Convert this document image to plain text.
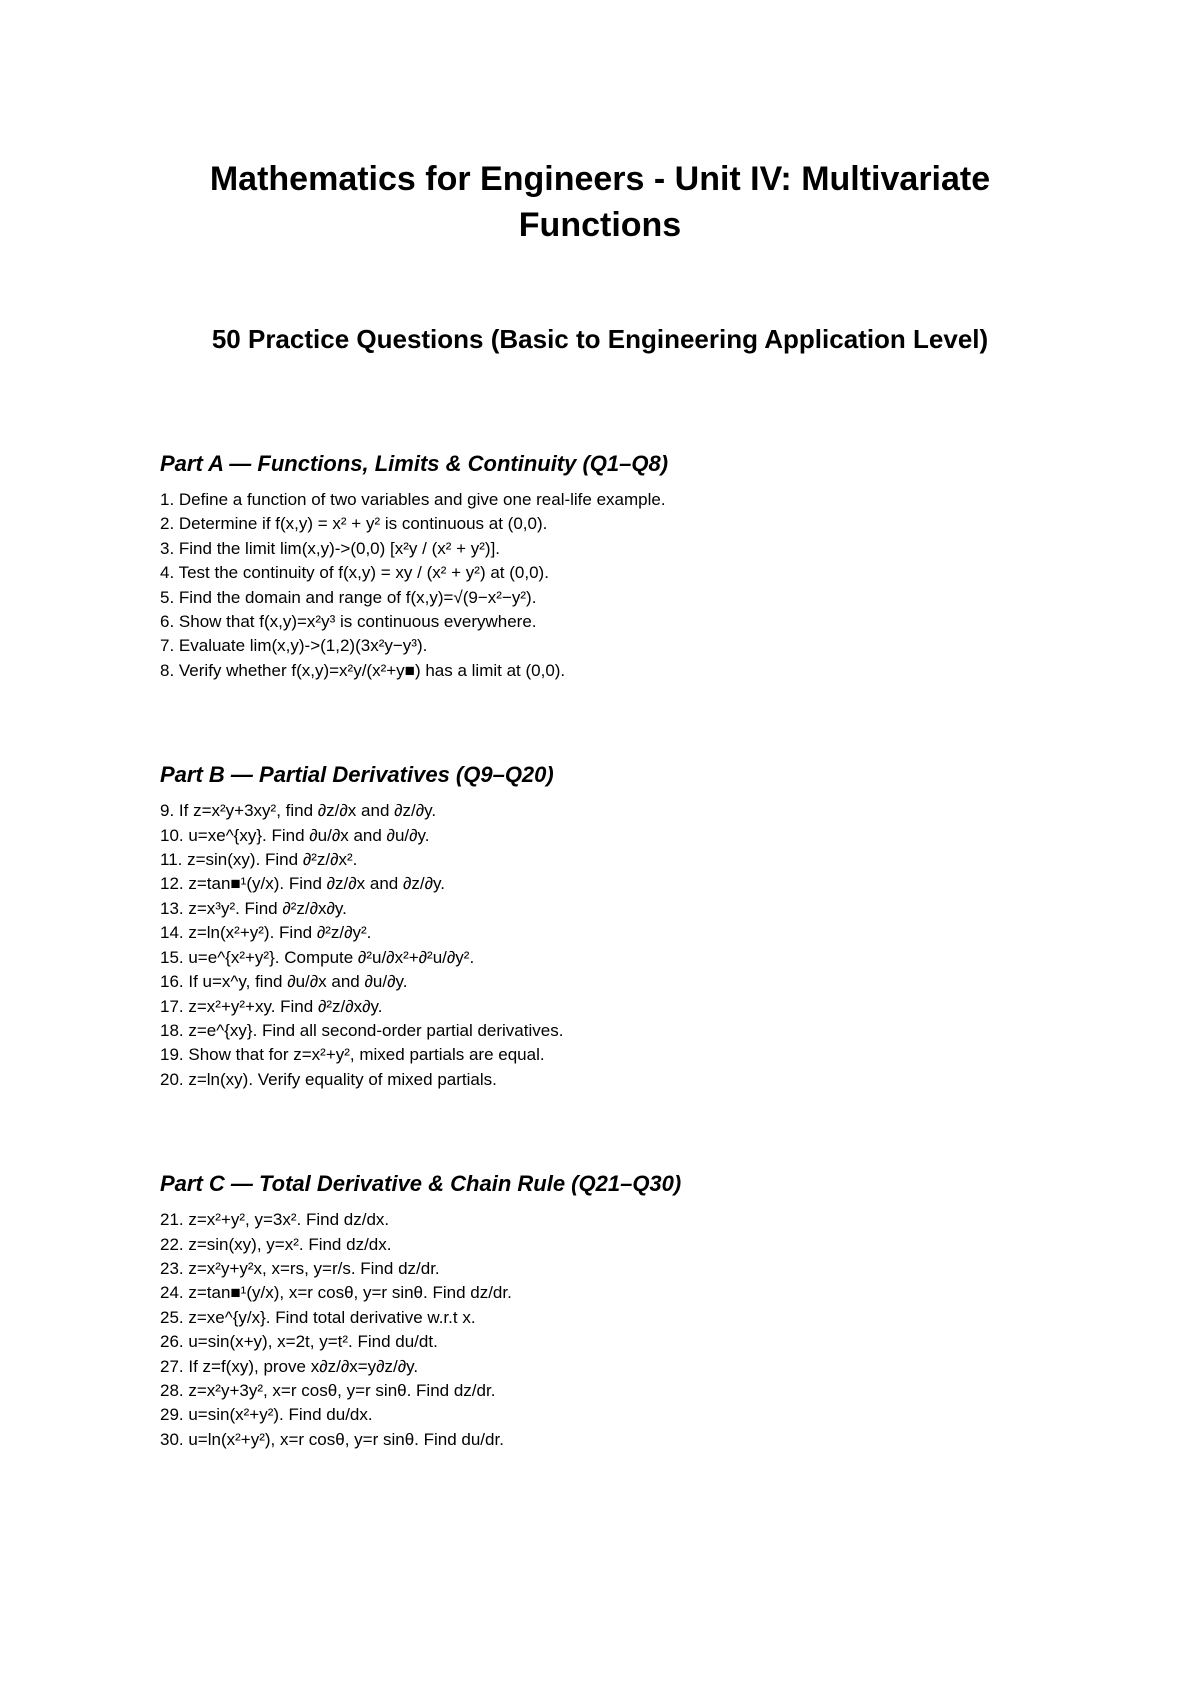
Mathematics for Engineers - Unit IV: Multivariate Functions
50 Practice Questions (Basic to Engineering Application Level)
Part A — Functions, Limits & Continuity (Q1–Q8)
1. Define a function of two variables and give one real-life example.
2. Determine if f(x,y) = x² + y² is continuous at (0,0).
3. Find the limit lim(x,y)->(0,0) [x²y / (x² + y²)].
4. Test the continuity of f(x,y) = xy / (x² + y²) at (0,0).
5. Find the domain and range of f(x,y)=√(9−x²−y²).
6. Show that f(x,y)=x²y³ is continuous everywhere.
7. Evaluate lim(x,y)->(1,2)(3x²y−y³).
8. Verify whether f(x,y)=x²y/(x²+y■) has a limit at (0,0).
Part B — Partial Derivatives (Q9–Q20)
9. If z=x²y+3xy², find ∂z/∂x and ∂z/∂y.
10. u=xe^{xy}. Find ∂u/∂x and ∂u/∂y.
11. z=sin(xy). Find ∂²z/∂x².
12. z=tan■¹(y/x). Find ∂z/∂x and ∂z/∂y.
13. z=x³y². Find ∂²z/∂x∂y.
14. z=ln(x²+y²). Find ∂²z/∂y².
15. u=e^{x²+y²}. Compute ∂²u/∂x²+∂²u/∂y².
16. If u=x^y, find ∂u/∂x and ∂u/∂y.
17. z=x²+y²+xy. Find ∂²z/∂x∂y.
18. z=e^{xy}. Find all second-order partial derivatives.
19. Show that for z=x²+y², mixed partials are equal.
20. z=ln(xy). Verify equality of mixed partials.
Part C — Total Derivative & Chain Rule (Q21–Q30)
21. z=x²+y², y=3x². Find dz/dx.
22. z=sin(xy), y=x². Find dz/dx.
23. z=x²y+y²x, x=rs, y=r/s. Find dz/dr.
24. z=tan■¹(y/x), x=r cosθ, y=r sinθ. Find dz/dr.
25. z=xe^{y/x}. Find total derivative w.r.t x.
26. u=sin(x+y), x=2t, y=t². Find du/dt.
27. If z=f(xy), prove x∂z/∂x=y∂z/∂y.
28. z=x²y+3y², x=r cosθ, y=r sinθ. Find dz/dr.
29. u=sin(x²+y²). Find du/dx.
30. u=ln(x²+y²), x=r cosθ, y=r sinθ. Find du/dr.
